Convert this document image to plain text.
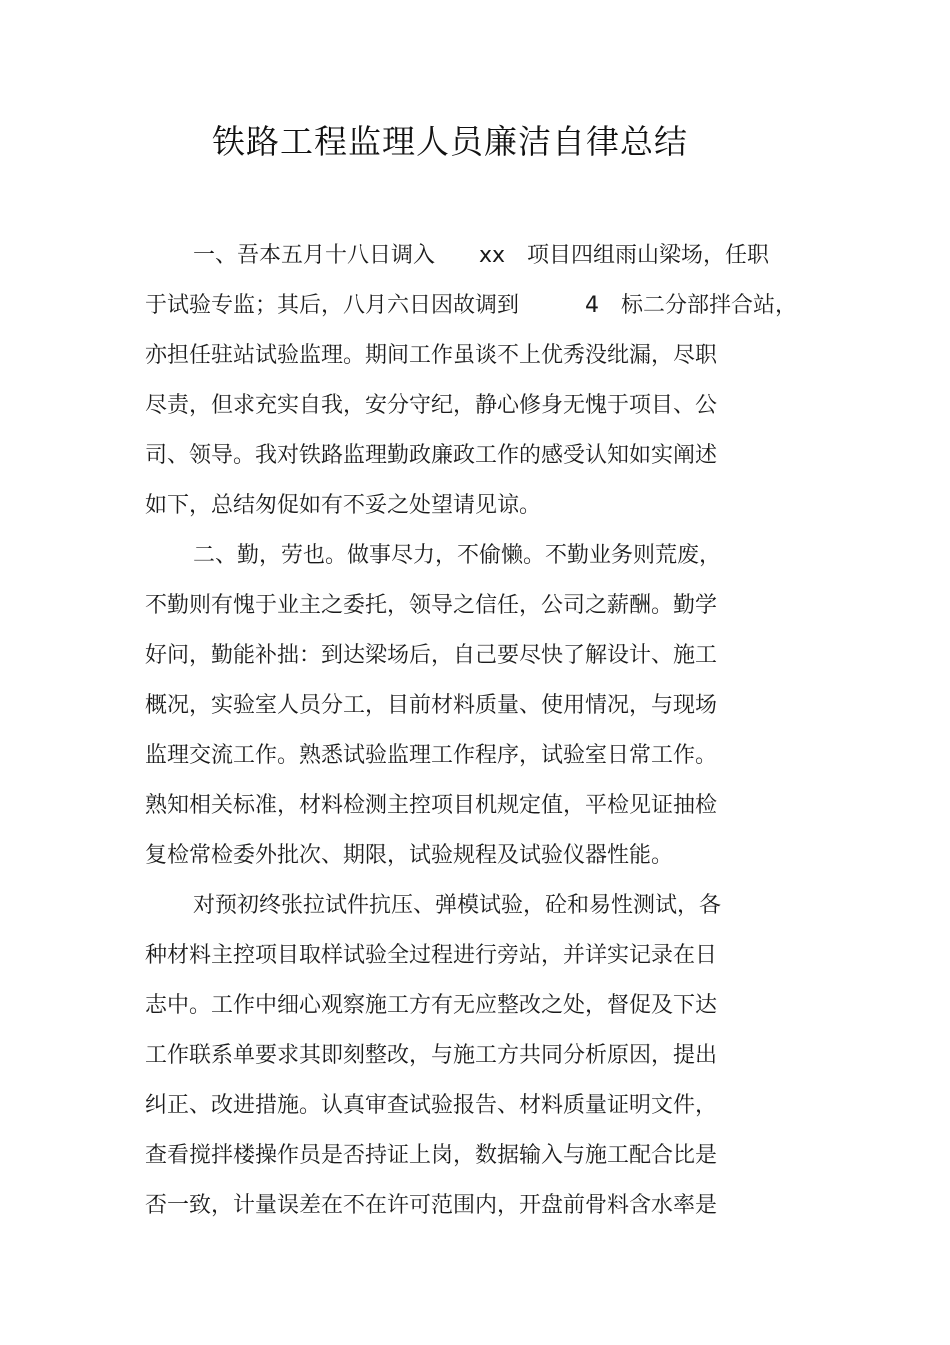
铁路工程监理人员廉洁自律总结
一、吾本五月十八日调入　　xx　项目四组雨山梁场，任职
于试验专监；其后，八月六日因故调到　　　4　标二分部拌合站，
亦担任驻站试验监理。期间工作虽谈不上优秀没纰漏，尽职
尽责，但求充实自我，安分守纪，静心修身无愧于项目、公
司、领导。我对铁路监理勤政廉政工作的感受认知如实阐述
如下，总结匆促如有不妥之处望请见谅。
二、勤，劳也。做事尽力，不偷懒。不勤业务则荒废，
不勤则有愧于业主之委托，领导之信任，公司之薪酬。勤学
好问，勤能补拙：到达梁场后，自己要尽快了解设计、施工
概况，实验室人员分工，目前材料质量、使用情况，与现场
监理交流工作。熟悉试验监理工作程序，试验室日常工作。
熟知相关标准，材料检测主控项目机规定值，平检见证抽检
复检常检委外批次、期限，试验规程及试验仪器性能。
对预初终张拉试件抗压、弹模试验，砼和易性测试，各
种材料主控项目取样试验全过程进行旁站，并详实记录在日
志中。工作中细心观察施工方有无应整改之处，督促及下达
工作联系单要求其即刻整改，与施工方共同分析原因，提出
纠正、改进措施。认真审查试验报告、材料质量证明文件，
查看搅拌楼操作员是否持证上岗，数据输入与施工配合比是
否一致，计量误差在不在许可范围内，开盘前骨料含水率是
